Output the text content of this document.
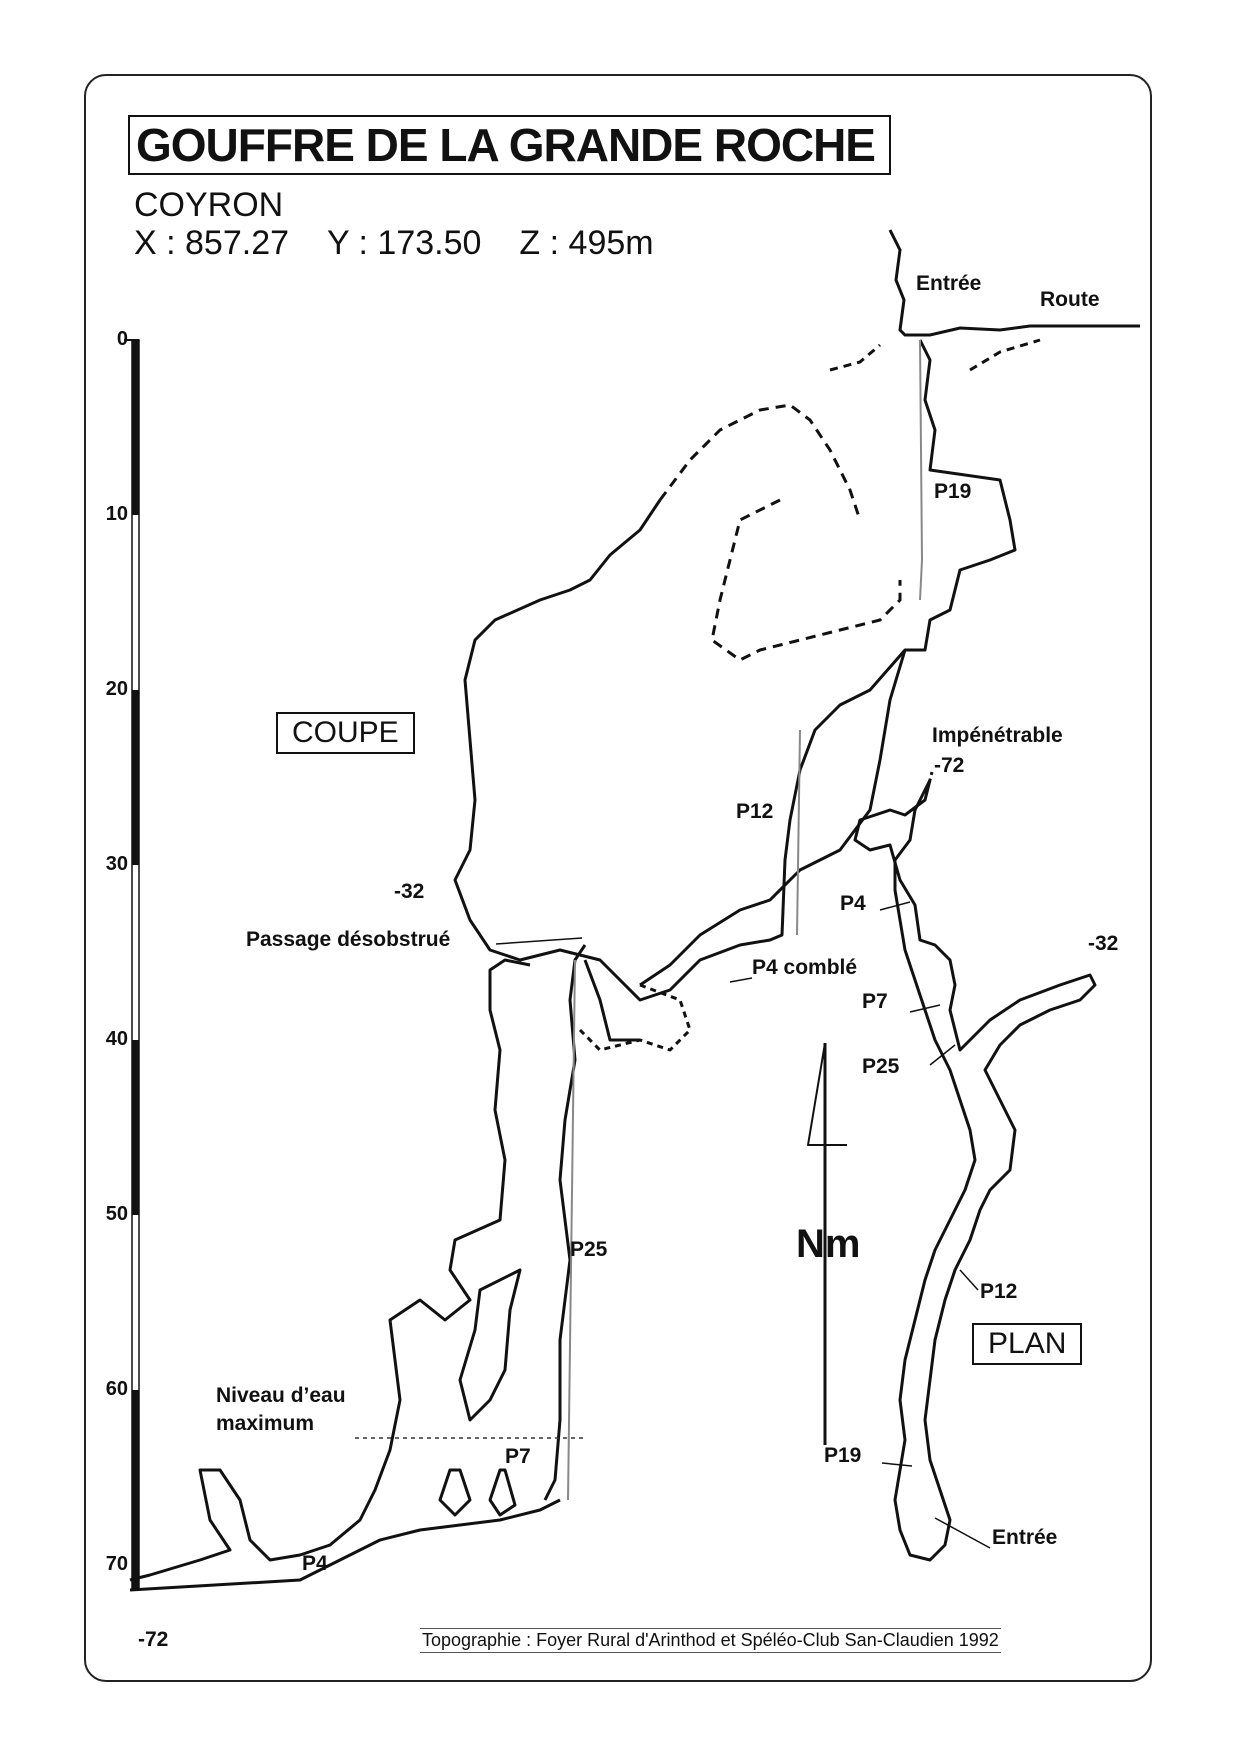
GOUFFRE DE LA GRANDE ROCHE
COYRON
X : 857.27 Y : 173.50 Z : 495m
0
10
20
30
40
50
60
70
-72
COUPE
PLAN
Entrée
Route
P19
P12
-32
Passage désobstrué
P4 comblé
P25
Niveau d’eau
maximum
P7
P4
Impénétrable
-72
P4
-32
P7
P25
P12
P19
Entrée
Nm
Topographie : Foyer Rural d'Arinthod et Spéléo-Club San-Claudien 1992
